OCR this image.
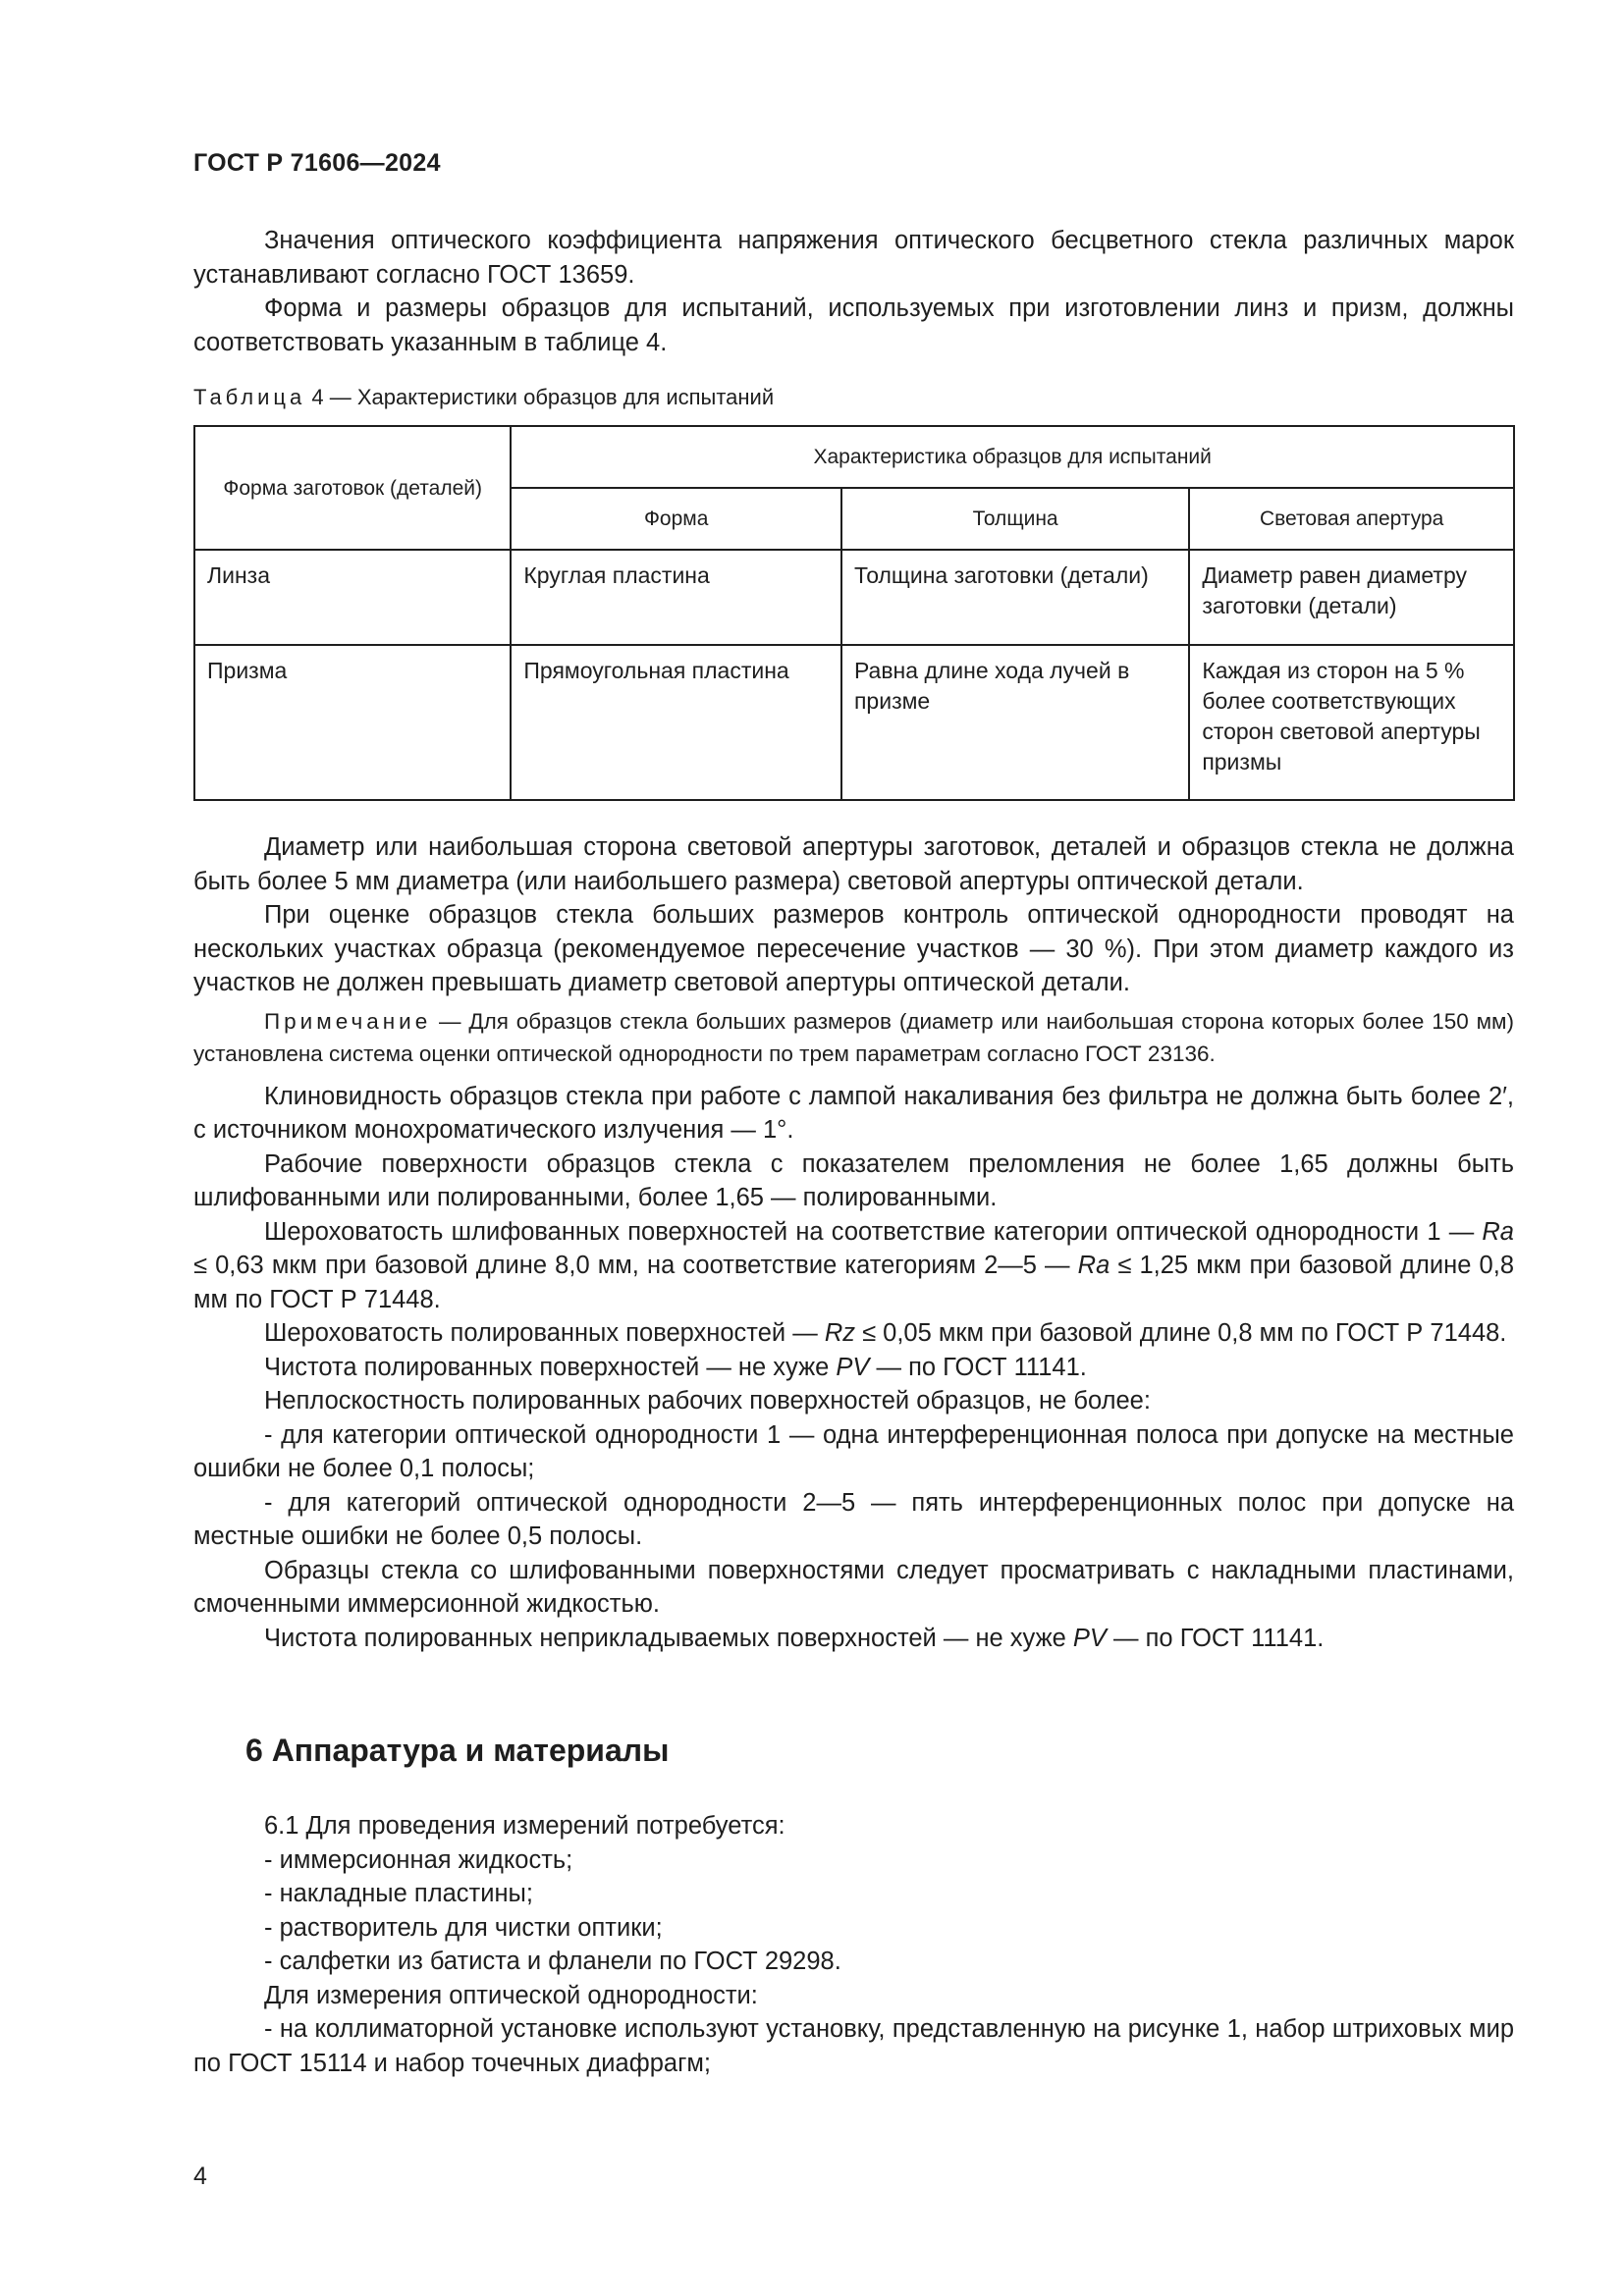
ГОСТ Р 71606—2024

Значения оптического коэффициента напряжения оптического бесцветного стекла различных марок устанавливают согласно ГОСТ 13659.

Форма и размеры образцов для испытаний, используемых при изготовлении линз и призм, должны соответствовать указанным в таблице 4.

Таблица 4 — Характеристики образцов для испытаний
Форма заготовок (деталей)	Характеристика образцов для испытаний		
	Форма	Толщина	Световая апертура
Линза	Круглая пластина	Толщина заготовки (детали)	Диаметр равен диаметру заготовки (детали)
Призма	Прямоугольная пластина	Равна длине хода лучей в призме	Каждая из сторон на 5 % более соответствующих сторон световой апертуры призмы

Диаметр или наибольшая сторона световой апертуры заготовок, деталей и образцов стекла не должна быть более 5 мм диаметра (или наибольшего размера) световой апертуры оптической детали.

При оценке образцов стекла больших размеров контроль оптической однородности проводят на нескольких участках образца (рекомендуемое пересечение участков — 30 %). При этом диаметр каждого из участков не должен превышать диаметр световой апертуры оптической детали.

Примечание — Для образцов стекла больших размеров (диаметр или наибольшая сторона которых более 150 мм) установлена система оценки оптической однородности по трем параметрам согласно ГОСТ 23136.

Клиновидность образцов стекла при работе с лампой накаливания без фильтра не должна быть более 2′, с источником монохроматического излучения — 1°.

Рабочие поверхности образцов стекла с показателем преломления не более 1,65 должны быть шлифованными или полированными, более 1,65 — полированными.

Шероховатость шлифованных поверхностей на соответствие категории оптической однородности 1 — Ra ≤ 0,63 мкм при базовой длине 8,0 мм, на соответствие категориям 2—5 — Ra ≤ 1,25 мкм при базовой длине 0,8 мм по ГОСТ Р 71448.

Шероховатость полированных поверхностей — Rz ≤ 0,05 мкм при базовой длине 0,8 мм по ГОСТ Р 71448.

Чистота полированных поверхностей — не хуже PV — по ГОСТ 11141.

Неплоскостность полированных рабочих поверхностей образцов, не более:

- для категории оптической однородности 1 — одна интерференционная полоса при допуске на местные ошибки не более 0,1 полосы;

- для категорий оптической однородности 2—5 — пять интерференционных полос при допуске на местные ошибки не более 0,5 полосы.

Образцы стекла со шлифованными поверхностями следует просматривать с накладными пластинами, смоченными иммерсионной жидкостью.

Чистота полированных неприкладываемых поверхностей — не хуже PV — по ГОСТ 11141.

6 Аппаратура и материалы

6.1 Для проведения измерений потребуется:

- иммерсионная жидкость;

- накладные пластины;

- растворитель для чистки оптики;

- салфетки из батиста и фланели по ГОСТ 29298.

Для измерения оптической однородности:

- на коллиматорной установке используют установку, представленную на рисунке 1, набор штриховых мир по ГОСТ 15114 и набор точечных диафрагм;

4
